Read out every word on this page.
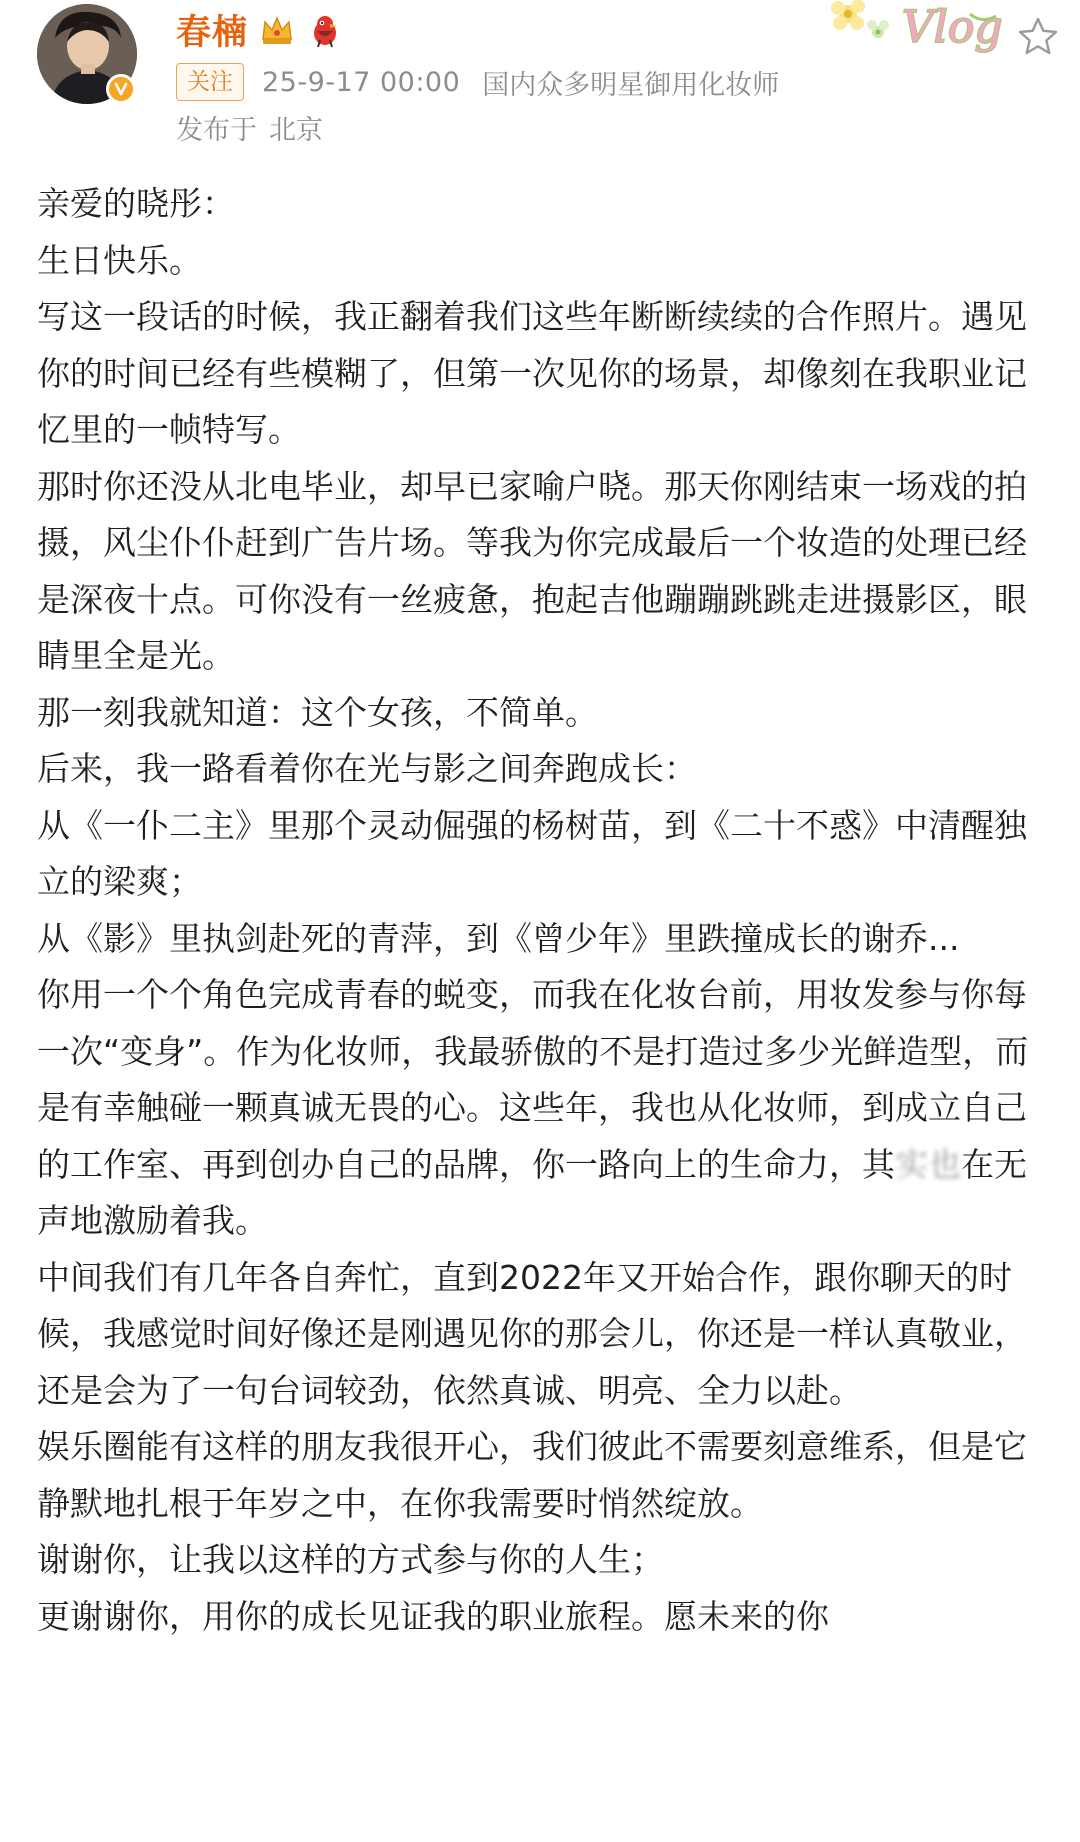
春楠
关注	25-9-17 00:00 国内众多明星御用化妆师
发布于 北京
Vlog

亲爱的晓彤：

生日快乐。

写这一段话的时候，我正翻着我们这些年断断续续的合作照片。遇见你的时间已经有些模糊了，但第一次见你的场景，却像刻在我职业记忆里的一帧特写。

那时你还没从北电毕业，却早已家喻户晓。那天你刚结束一场戏的拍摄，风尘仆仆赶到广告片场。等我为你完成最后一个妆造的处理已经是深夜十点。可你没有一丝疲惫，抱起吉他蹦蹦跳跳走进摄影区，眼睛里全是光。

那一刻我就知道：这个女孩，不简单。

后来，我一路看着你在光与影之间奔跑成长：

从《一仆二主》里那个灵动倔强的杨树苗，到《二十不惑》中清醒独立的梁爽；

从《影》里执剑赴死的青萍，到《曾少年》里跌撞成长的谢乔...

你用一个个角色完成青春的蜕变，而我在化妆台前，用妆发参与你每一次“变身”。作为化妆师，我最骄傲的不是打造过多少光鲜造型，而是有幸触碰一颗真诚无畏的心。这些年，我也从化妆师，到成立自己的工作室、再到创办自己的品牌，你一路向上的生命力，其实也在无声地激励着我。

中间我们有几年各自奔忙，直到2022年又开始合作，跟你聊天的时候，我感觉时间好像还是刚遇见你的那会儿，你还是一样认真敬业，还是会为了一句台词较劲，依然真诚、明亮、全力以赴。

娱乐圈能有这样的朋友我很开心，我们彼此不需要刻意维系，但是它静默地扎根于年岁之中，在你我需要时悄然绽放。

谢谢你，让我以这样的方式参与你的人生；

更谢谢你，用你的成长见证我的职业旅程。愿未来的你
